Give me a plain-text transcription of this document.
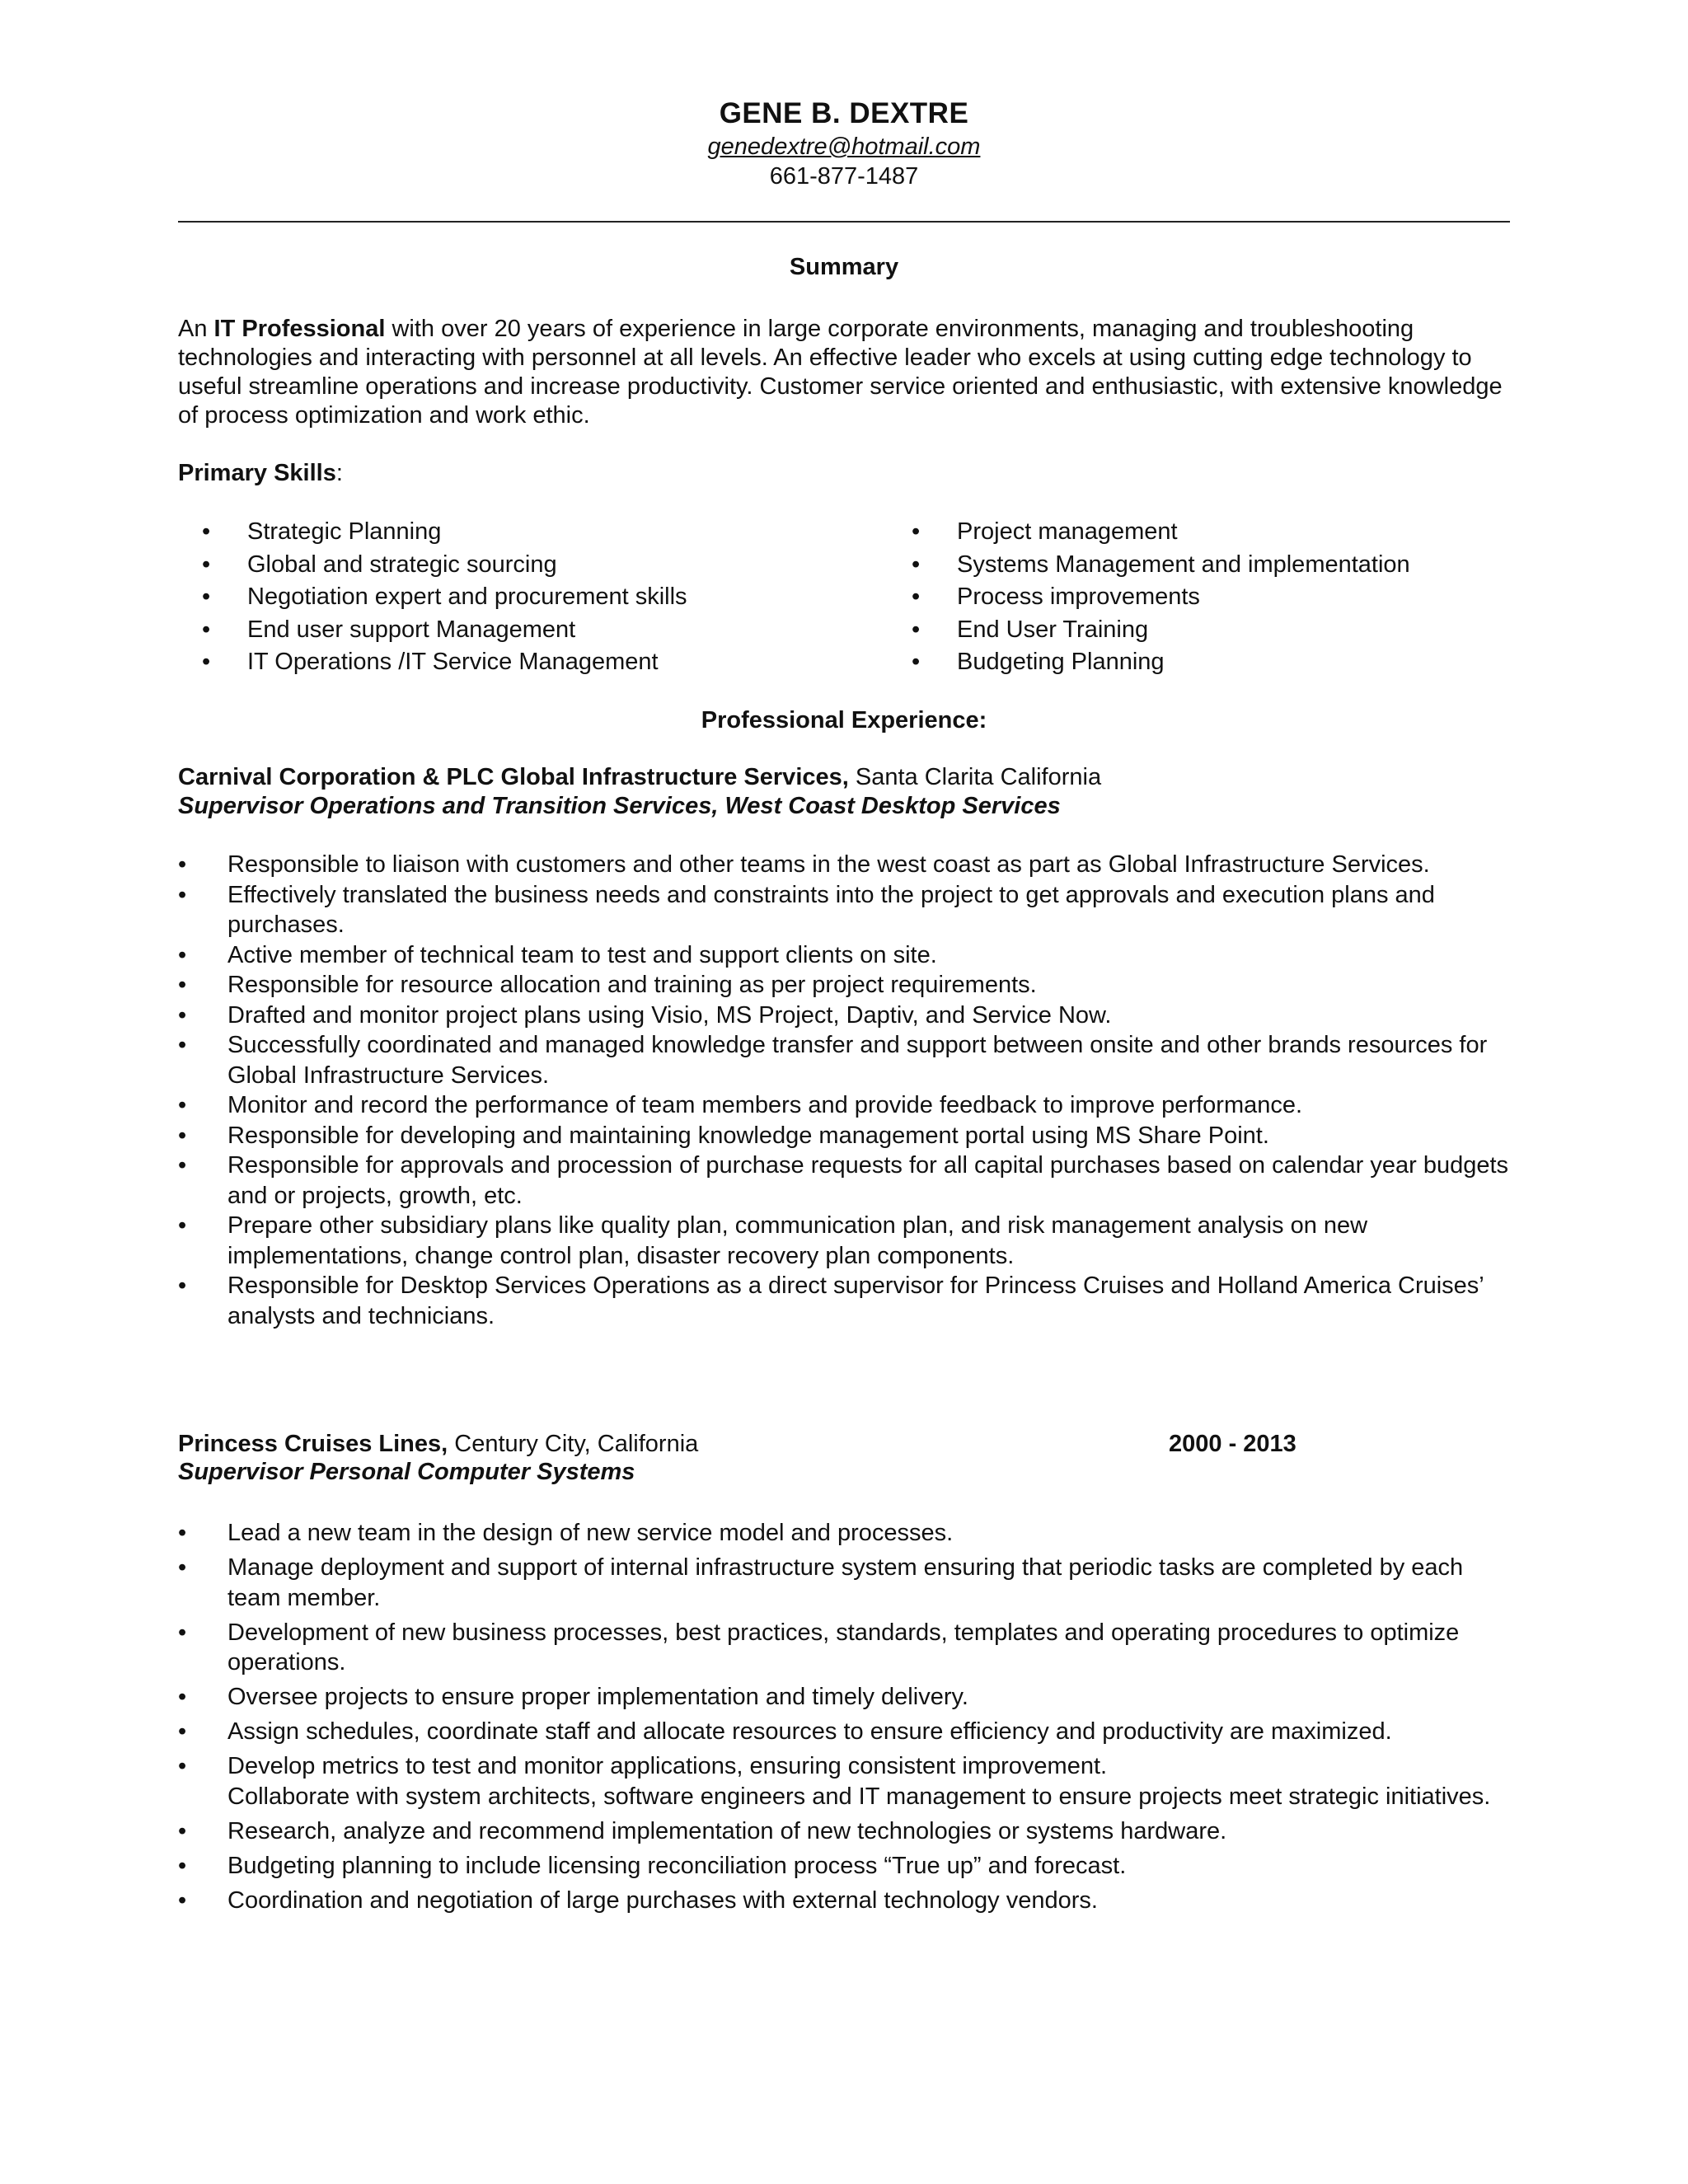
GENE B. DEXTRE
genedextre@hotmail.com
661-877-1487
Summary
An IT Professional with over 20 years of experience in large corporate environments, managing and troubleshooting technologies and interacting with personnel at all levels. An effective leader who excels at using cutting edge technology to useful streamline operations and increase productivity. Customer service oriented and enthusiastic, with extensive knowledge of process optimization and work ethic.
Primary Skills:
• Strategic Planning
• Global and strategic sourcing
• Negotiation expert and procurement skills
• End user support Management
• IT Operations /IT Service Management
• Project management
• Systems Management and implementation
• Process improvements
• End User Training
• Budgeting Planning
Professional Experience:
Carnival Corporation & PLC Global Infrastructure Services, Santa Clarita California
Supervisor Operations and Transition Services, West Coast Desktop Services
• Responsible to liaison with customers and other teams in the west coast as part as Global Infrastructure Services.
• Effectively translated the business needs and constraints into the project to get approvals and execution plans and purchases.
• Active member of technical team to test and support clients on site.
• Responsible for resource allocation and training as per project requirements.
• Drafted and monitor project plans using Visio, MS Project, Daptiv, and Service Now.
• Successfully coordinated and managed knowledge transfer and support between onsite and other brands resources for Global Infrastructure Services.
• Monitor and record the performance of team members and provide feedback to improve performance.
• Responsible for developing and maintaining knowledge management portal using MS Share Point.
• Responsible for approvals and procession of purchase requests for all capital purchases based on calendar year budgets and or projects, growth, etc.
• Prepare other subsidiary plans like quality plan, communication plan, and risk management analysis on new implementations, change control plan, disaster recovery plan components.
• Responsible for Desktop Services Operations as a direct supervisor for Princess Cruises and Holland America Cruises’ analysts and technicians.
Princess Cruises Lines, Century City, California	2000 - 2013
Supervisor Personal Computer Systems
• Lead a new team in the design of new service model and processes.
• Manage deployment and support of internal infrastructure system ensuring that periodic tasks are completed by each team member.
• Development of new business processes, best practices, standards, templates and operating procedures to optimize operations.
• Oversee projects to ensure proper implementation and timely delivery.
• Assign schedules, coordinate staff and allocate resources to ensure efficiency and productivity are maximized.
• Develop metrics to test and monitor applications, ensuring consistent improvement.
Collaborate with system architects, software engineers and IT management to ensure projects meet strategic initiatives.
• Research, analyze and recommend implementation of new technologies or systems hardware.
• Budgeting planning to include licensing reconciliation process “True up” and forecast.
• Coordination and negotiation of large purchases with external technology vendors.
